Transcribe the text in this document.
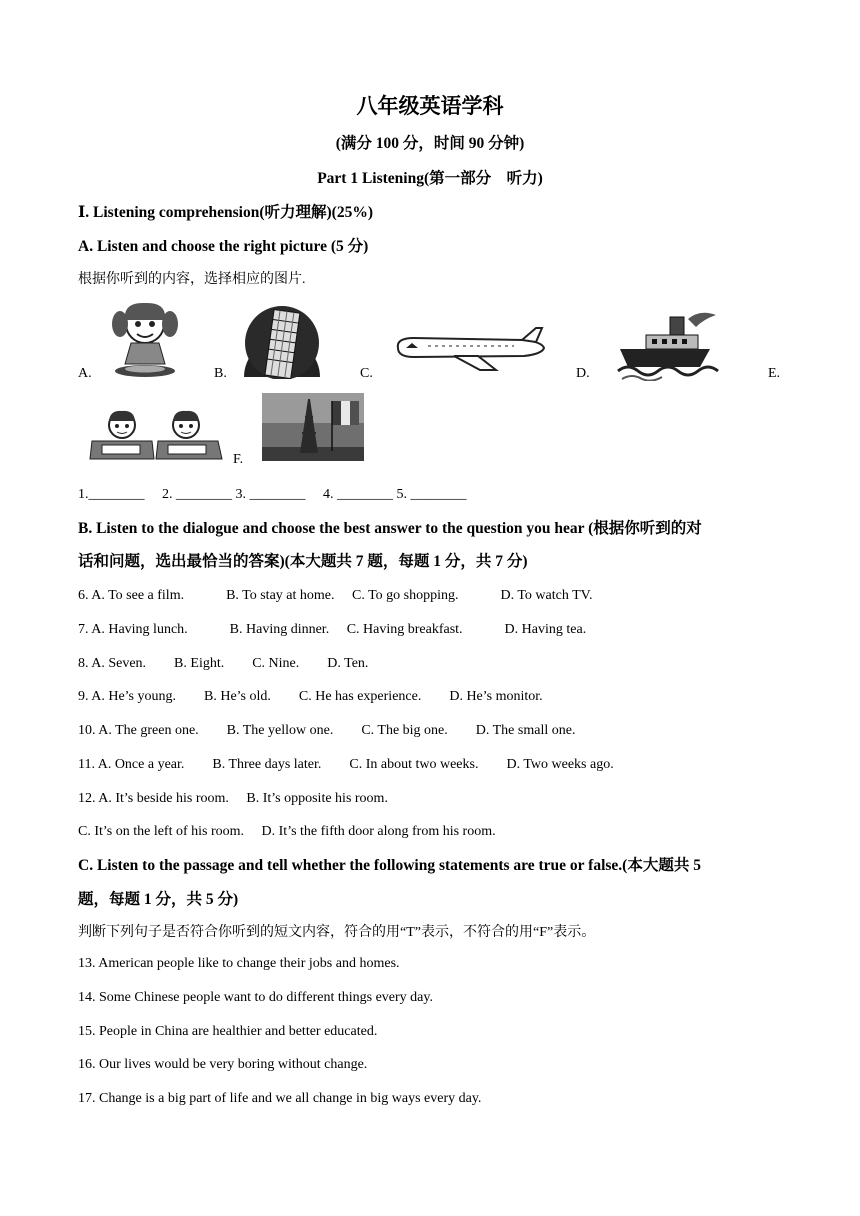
八年级英语学科
(满分 100 分，时间 90 分钟)
Part 1 Listening(第一部分　听力)
Ⅰ. Listening comprehension(听力理解)(25%)
A. Listen and choose the right picture (5 分)
根据你听到的内容，选择相应的图片.
A.	B.	C.	D.	E.
F.
1.________　 2. ________ 3. ________　 4. ________ 5. ________
B. Listen to the dialogue and choose the best answer to the question you hear (根据你听到的对
话和问题，选出最恰当的答案)(本大题共 7 题，每题 1 分，共 7 分)
6. A. To see a film.　　　B. To stay at home.　 C. To go shopping.　　　D. To watch TV.
7. A. Having lunch.　　　B. Having dinner.　 C. Having breakfast.　　　D. Having tea.
8. A. Seven.　　B. Eight.　　C. Nine.　　D. Ten.
9. A. He’s young.　　B. He’s old.　　C. He has experience.　　D. He’s monitor.
10. A. The green one.　　B. The yellow one.　　C. The big one.　　D. The small one.
11. A. Once a year.　　B. Three days later.　　C. In about two weeks.　　D. Two weeks ago.
12. A. It’s beside his room.　 B. It’s opposite his room.
C. It’s on the left of his room.　 D. It’s the fifth door along from his room.
C. Listen to the passage and tell whether the following statements are true or false.(本大题共 5
题，每题 1 分，共 5 分)
判断下列句子是否符合你听到的短文内容，符合的用“T”表示，不符合的用“F”表示。
13. American people like to change their jobs and homes.
14. Some Chinese people want to do different things every day.
15. People in China are healthier and better educated.
16. Our lives would be very boring without change.
17. Change is a big part of life and we all change in big ways every day.
